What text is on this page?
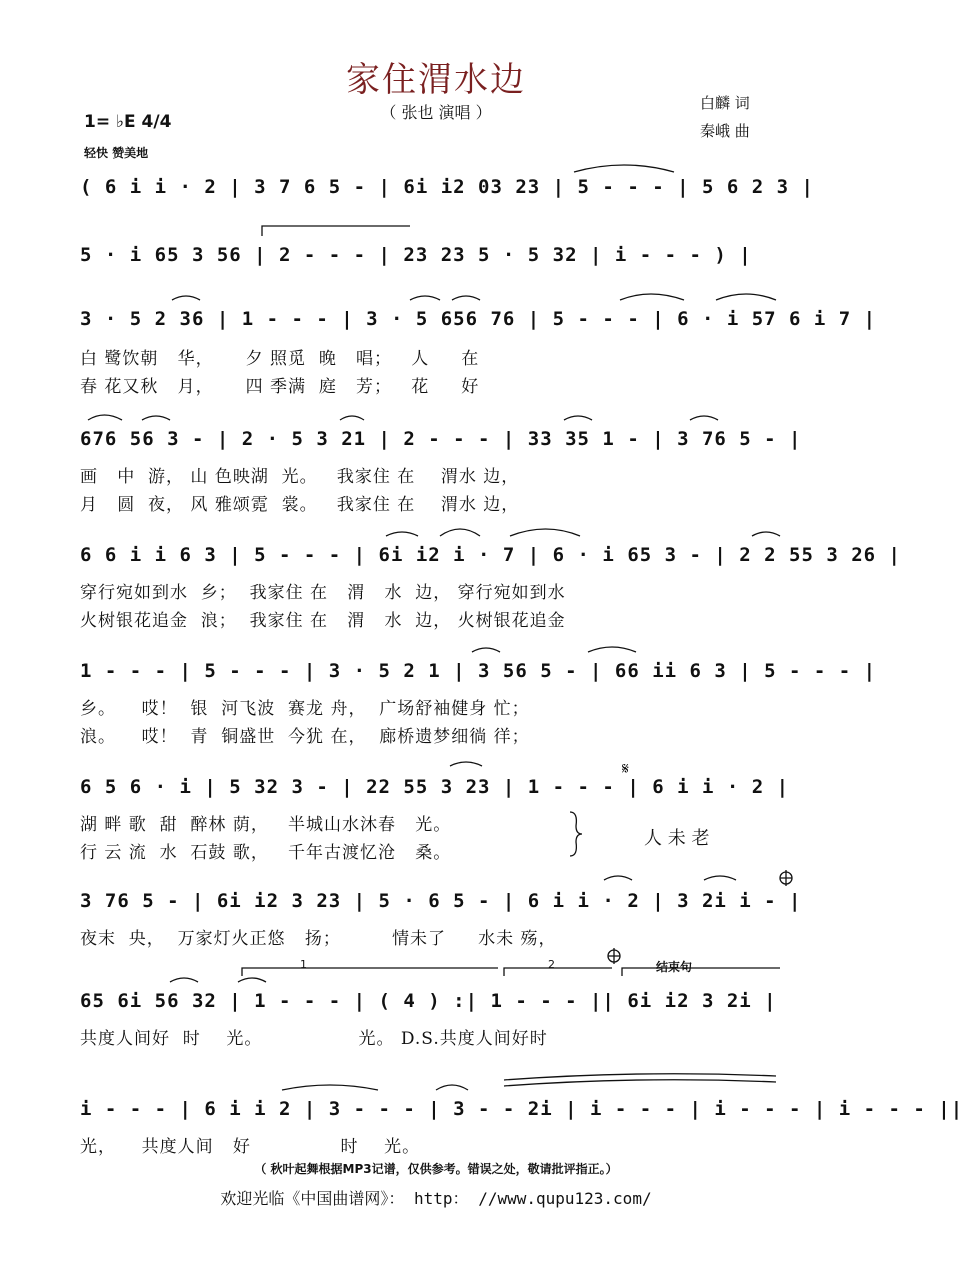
家住渭水边
（ 张也 演唱 ）	白麟 词
秦峨 曲
1= ♭E 4/4
轻快 赞美地
( 6 i i · 2 | 3 7 6 5 - | 6i i2 03 23 | 5 - - - | 5 6 2 3 |
5 · i 65 3 56 | 2 - - - | 23 23 5 · 5 32 | i - - - ) |
3 · 5 2 36 | 1 - - - | 3 · 5 656 76 | 5 - - - | 6 · i 57 6 i 7 |
白 鹭饮朝   华，     夕 照觅  晚   唱；   人     在
春 花又秋   月，     四 季满  庭   芳；   花     好
676 56 3 - | 2 · 5 3 21 | 2 - - - | 33 35 1 - | 3 76 5 - |
画   中  游， 山 色映湖  光。   我家住 在    渭水 边，
月   圆  夜， 风 雅颂霓  裳。   我家住 在    渭水 边，
6 6 i i 6 3 | 5 - - - | 6i i2 i · 7 | 6 · i 65 3 - | 2 2 55 3 26 |
穿行宛如到水  乡；  我家住 在   渭   水  边， 穿行宛如到水
火树银花追金  浪；  我家住 在   渭   水  边， 火树银花追金
1 - - - | 5 - - - | 3 · 5 2 1 | 3 56 5 - | 66 ii 6 3 | 5 - - - |
乡。    哎！  银  河飞波  赛龙 舟，  广场舒袖健身 忙；
浪。    哎！  青  铜盛世  今犹 在，  廊桥遗梦细徜 徉；
6 5 6 · i | 5 32 3 - | 22 55 3 23 | 1 - - - | 6 i i · 2 |
湖 畔 歌  甜  醉林 荫，   半城山水沐春   光。
行 云 流  水  石鼓 歌，   千年古渡忆沧   桑。
人 未 老
3 76 5 - | 6i i2 3 23 | 5 · 6 5 - | 6 i i · 2 | 3 2i i - |
夜末  央，  万家灯火正悠   扬；        情未了     水未 殇，
1	2	结束句
65 6i 56 32 | 1 - - - | ( 4 ) :| 1 - - - || 6i i2 3 2i |
共度人间好  时    光。               光。 D.S.共度人间好时
i - - - | 6 i i 2 | 3 - - - | 3 - - 2i | i - - - | i - - - | i - - - ||
光，    共度人间   好              时    光。
（ 秋叶起舞根据MP3记谱，仅供参考。错误之处，敬请批评指正。）
欢迎光临《中国曲谱网》： http： //www.qupu123.com/
𝄋
